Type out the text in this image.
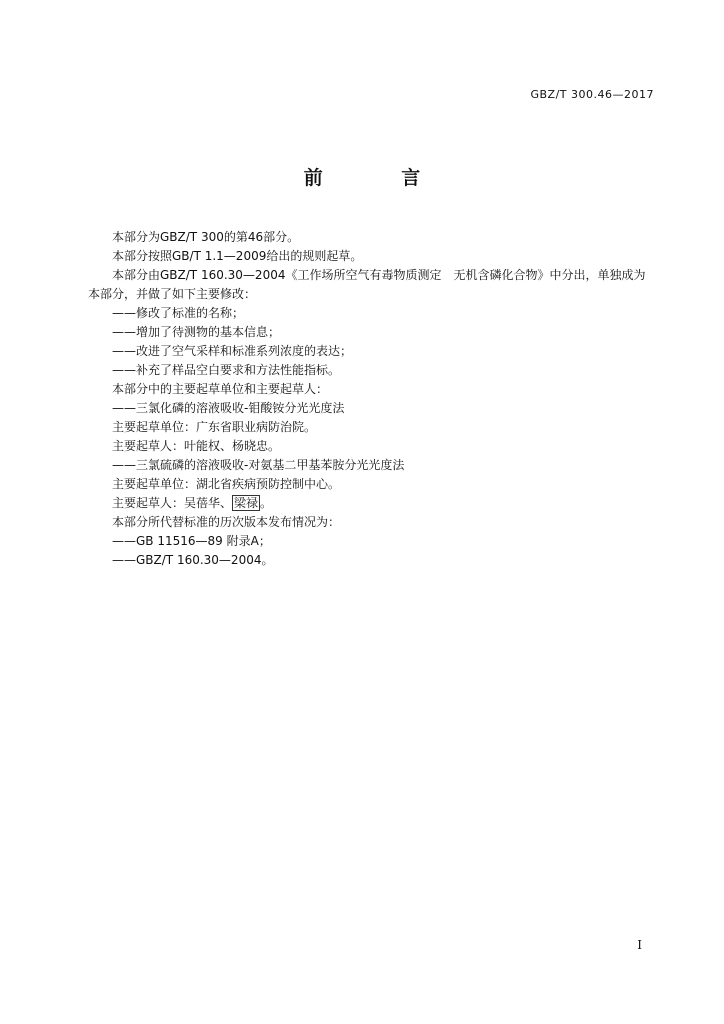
GBZ/T 300.46—2017
前 言

本部分为GBZ/T 300的第46部分。

本部分按照GB/T 1.1—2009给出的规则起草。

本部分由GBZ/T 160.30—2004《工作场所空气有毒物质测定　无机含磷化合物》中分出，单独成为本部分，并做了如下主要修改：

——修改了标准的名称；

——增加了待测物的基本信息；

——改进了空气采样和标准系列浓度的表达；

——补充了样品空白要求和方法性能指标。

本部分中的主要起草单位和主要起草人：

——三氯化磷的溶液吸收-钼酸铵分光光度法

主要起草单位：广东省职业病防治院。

主要起草人：叶能权、杨晓忠。

——三氯硫磷的溶液吸收-对氨基二甲基苯胺分光光度法

主要起草单位：湖北省疾病预防控制中心。

主要起草人：吴蓓华、 梁禄 。

本部分所代替标准的历次版本发布情况为：

——GB 11516—89 附录A；

——GBZ/T 160.30—2004。

I
